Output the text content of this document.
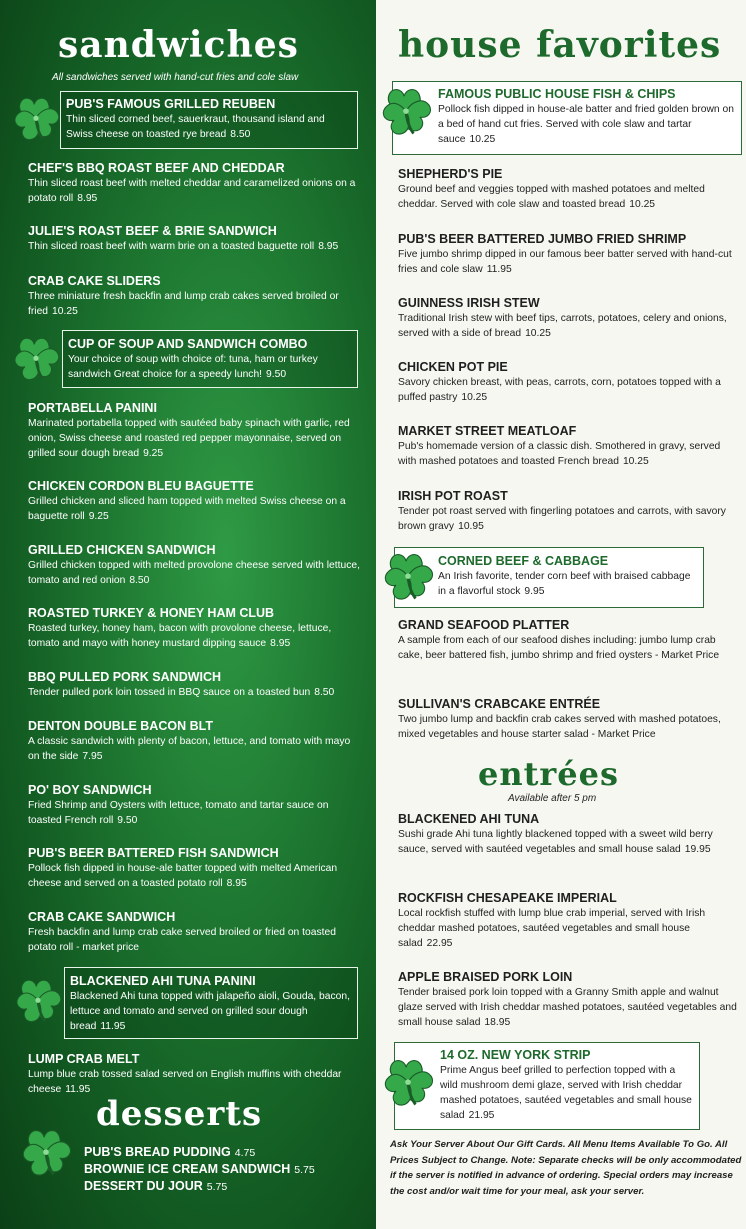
sandwiches
All sandwiches served with hand-cut fries and cole slaw
PUB'S FAMOUS GRILLED REUBEN
Thin sliced corned beef, sauerkraut, thousand island and Swiss cheese on toasted rye bread 8.50
CHEF'S BBQ ROAST BEEF AND CHEDDAR
Thin sliced roast beef with melted cheddar and caramelized onions on a potato roll 8.95
JULIE'S ROAST BEEF & BRIE SANDWICH
Thin sliced roast beef with warm brie on a toasted baguette roll 8.95
CRAB CAKE SLIDERS
Three miniature fresh backfin and lump crab cakes served broiled or fried 10.25
CUP OF SOUP AND SANDWICH COMBO
Your choice of soup with choice of: tuna, ham or turkey sandwich Great choice for a speedy lunch! 9.50
PORTABELLA PANINI
Marinated portabella topped with sautéed baby spinach with garlic, red onion, Swiss cheese and roasted red pepper mayonnaise, served on grilled sour dough bread 9.25
CHICKEN CORDON BLEU BAGUETTE
Grilled chicken and sliced ham topped with melted Swiss cheese on a baguette roll 9.25
GRILLED CHICKEN SANDWICH
Grilled chicken topped with melted provolone cheese served with lettuce, tomato and red onion 8.50
ROASTED TURKEY & HONEY HAM CLUB
Roasted turkey, honey ham, bacon with provolone cheese, lettuce, tomato and mayo with honey mustard dipping sauce 8.95
BBQ PULLED PORK SANDWICH
Tender pulled pork loin tossed in BBQ sauce on a toasted bun 8.50
DENTON DOUBLE BACON BLT
A classic sandwich with plenty of bacon, lettuce, and tomato with mayo on the side 7.95
PO' BOY SANDWICH
Fried Shrimp and Oysters with lettuce, tomato and tartar sauce on toasted French roll 9.50
PUB'S BEER BATTERED FISH SANDWICH
Pollock fish dipped in house-ale batter topped with melted American cheese and served on a toasted potato roll 8.95
CRAB CAKE SANDWICH
Fresh backfin and lump crab cake served broiled or fried on toasted potato roll - market price
BLACKENED AHI TUNA PANINI
Blackened Ahi tuna topped with jalapeño aioli, Gouda, bacon, lettuce and tomato and served on grilled sour dough bread 11.95
LUMP CRAB MELT
Lump blue crab tossed salad served on English muffins with cheddar cheese 11.95
desserts
PUB'S BREAD PUDDING 4.75
BROWNIE ICE CREAM SANDWICH 5.75
DESSERT DU JOUR 5.75
house favorites
FAMOUS PUBLIC HOUSE FISH & CHIPS
Pollock fish dipped in house-ale batter and fried golden brown on a bed of hand cut fries. Served with cole slaw and tartar sauce 10.25
SHEPHERD'S PIE
Ground beef and veggies topped with mashed potatoes and melted cheddar. Served with cole slaw and toasted bread 10.25
PUB'S BEER BATTERED JUMBO FRIED SHRIMP
Five jumbo shrimp dipped in our famous beer batter served with hand-cut fries and cole slaw 11.95
GUINNESS IRISH STEW
Traditional Irish stew with beef tips, carrots, potatoes, celery and onions, served with a side of bread 10.25
CHICKEN POT PIE
Savory chicken breast, with peas, carrots, corn, potatoes topped with a puffed pastry 10.25
MARKET STREET MEATLOAF
Pub's homemade version of a classic dish. Smothered in gravy, served with mashed potatoes and toasted French bread 10.25
IRISH POT ROAST
Tender pot roast served with fingerling potatoes and carrots, with savory brown gravy 10.95
CORNED BEEF & CABBAGE
An Irish favorite, tender corn beef with braised cabbage in a flavorful stock 9.95
GRAND SEAFOOD PLATTER
A sample from each of our seafood dishes including: jumbo lump crab cake, beer battered fish, jumbo shrimp and fried oysters - Market Price
SULLIVAN'S CRABCAKE ENTRÉE
Two jumbo lump and backfin crab cakes served with mashed potatoes, mixed vegetables and house starter salad - Market Price
entrées
Available after 5 pm
BLACKENED AHI TUNA
Sushi grade Ahi tuna lightly blackened topped with a sweet wild berry sauce, served with sautéed vegetables and small house salad 19.95
ROCKFISH CHESAPEAKE IMPERIAL
Local rockfish stuffed with lump blue crab imperial, served with Irish cheddar mashed potatoes, sautéed vegetables and small house salad 22.95
APPLE BRAISED PORK LOIN
Tender braised pork loin topped with a Granny Smith apple and walnut glaze served with Irish cheddar mashed potatoes, sautéed vegetables and small house salad 18.95
14 OZ. NEW YORK STRIP
Prime Angus beef grilled to perfection topped with a wild mushroom demi glaze, served with Irish cheddar mashed potatoes, sautéed vegetables and small house salad 21.95
Ask Your Server About Our Gift Cards. All Menu Items Available To Go. All Prices Subject to Change. Note: Separate checks will be only accommodated if the server is notified in advance of ordering. Special orders may increase the cost and/or wait time for your meal, ask your server.
